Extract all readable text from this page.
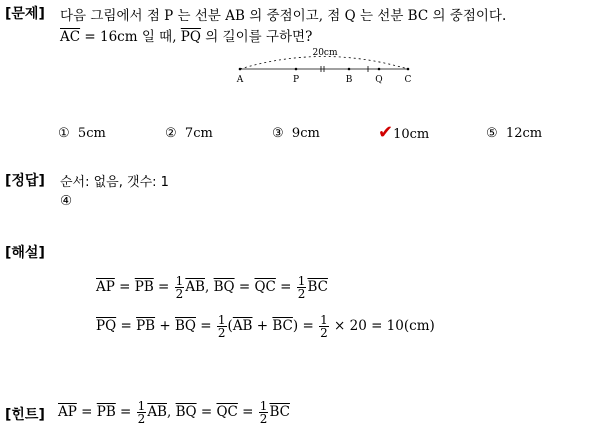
[문제] 다음 그림에서 점 P 는 선분 AB 의 중점이고, 점 Q 는 선분 BC 의 중점이다.
$\overline{AC} = 16cm$ 일 때, $\overline{PQ}$ 의 길이를 구하면?
20cm
A	P	B	Q C
① 5cm	② 7cm	③ 9cm	✔10cm	⑤ 12cm
[정답] 순서: 없음, 갯수: 1
④
[해설]
$\overline{AP} = \overline{PB} = \frac{1}{2} \overline{AB}$, $\overline{BQ} = \overline{QC} = \frac{1}{2} \overline{BC}$
$\overline{PQ} = \overline{PB} + \overline{BQ} = \frac{1}{2} (\overline{AB} + \overline{BC}) = \frac{1}{2} \times 20 = 10(cm)$
[힌트] $\overline{AP} = \overline{PB} = \frac{1}{2} \overline{AB}$, $\overline{BQ} = \overline{QC} = \frac{1}{2} \overline{BC}$
